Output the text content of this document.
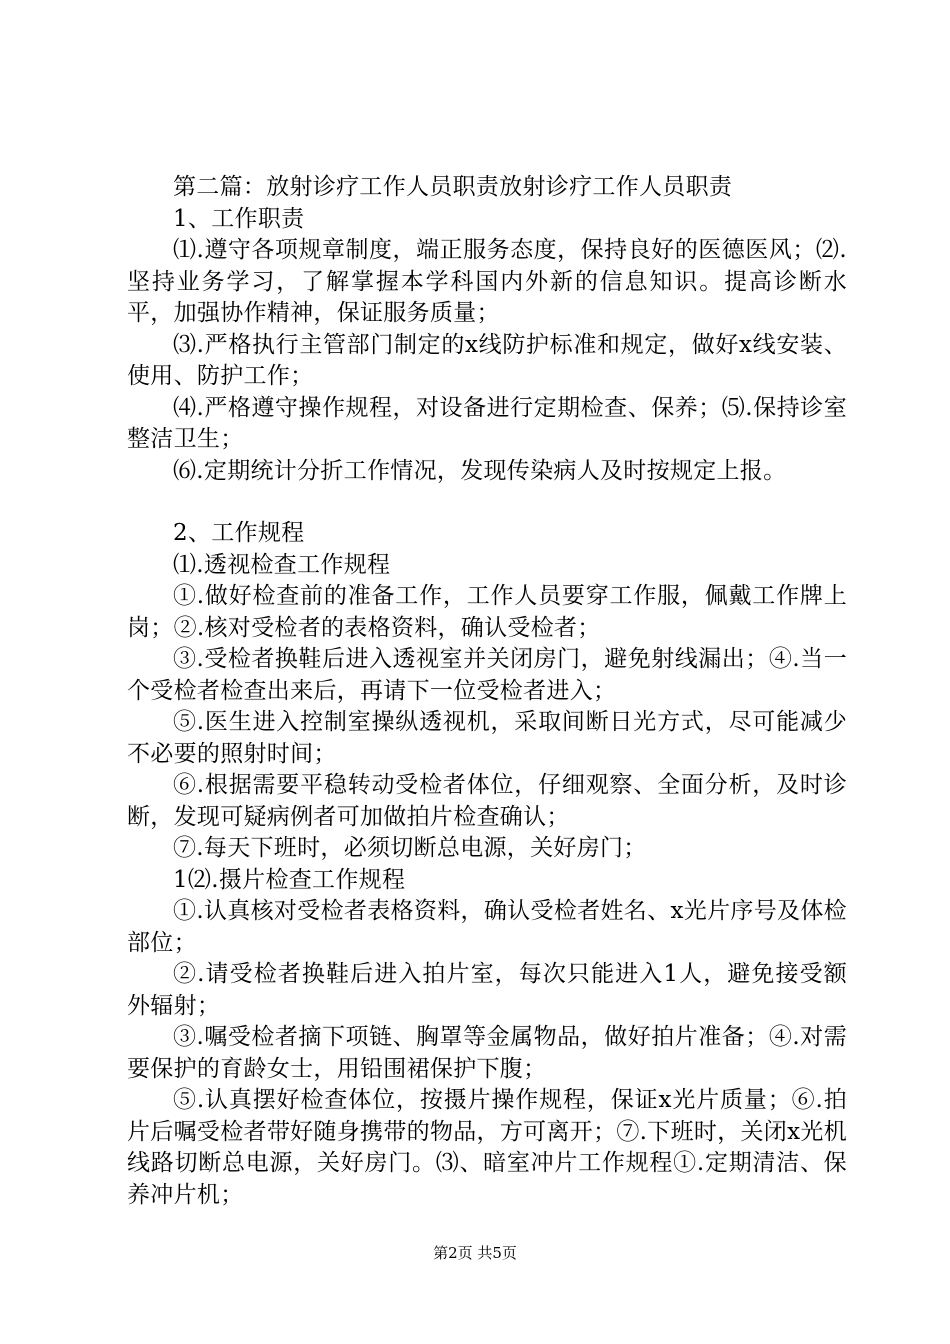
第二篇：放射诊疗工作人员职责放射诊疗工作人员职责

1、工作职责

⑴.遵守各项规章制度，端正服务态度，保持良好的医德医风；⑵.坚持业务学习，了解掌握本学科国内外新的信息知识。提高诊断水平，加强协作精神，保证服务质量；

⑶.严格执行主管部门制定的x线防护标准和规定，做好x线安装、使用、防护工作；

⑷.严格遵守操作规程，对设备进行定期检查、保养；⑸.保持诊室整洁卫生；

⑹.定期统计分折工作情况，发现传染病人及时按规定上报。

2、工作规程

⑴.透视检查工作规程

①.做好检查前的准备工作，工作人员要穿工作服，佩戴工作牌上岗；②.核对受检者的表格资料，确认受检者；

③.受检者换鞋后进入透视室并关闭房门，避免射线漏出；④.当一个受检者检查出来后，再请下一位受检者进入；

⑤.医生进入控制室操纵透视机，采取间断日光方式，尽可能减少不必要的照射时间；

⑥.根据需要平稳转动受检者体位，仔细观察、全面分析，及时诊断，发现可疑病例者可加做拍片检查确认；

⑦.每天下班时，必须切断总电源，关好房门；

1⑵.摄片检查工作规程

①.认真核对受检者表格资料，确认受检者姓名、x光片序号及体检部位；

②.请受检者换鞋后进入拍片室，每次只能进入1人，避免接受额外辐射；

③.嘱受检者摘下项链、胸罩等金属物品，做好拍片准备；④.对需要保护的育龄女士，用铅围裙保护下腹；

⑤.认真摆好检查体位，按摄片操作规程，保证x光片质量；⑥.拍片后嘱受检者带好随身携带的物品，方可离开；⑦.下班时，关闭x光机线路切断总电源，关好房门。⑶、暗室冲片工作规程①.定期清洁、保养冲片机；

第2页 共5页
